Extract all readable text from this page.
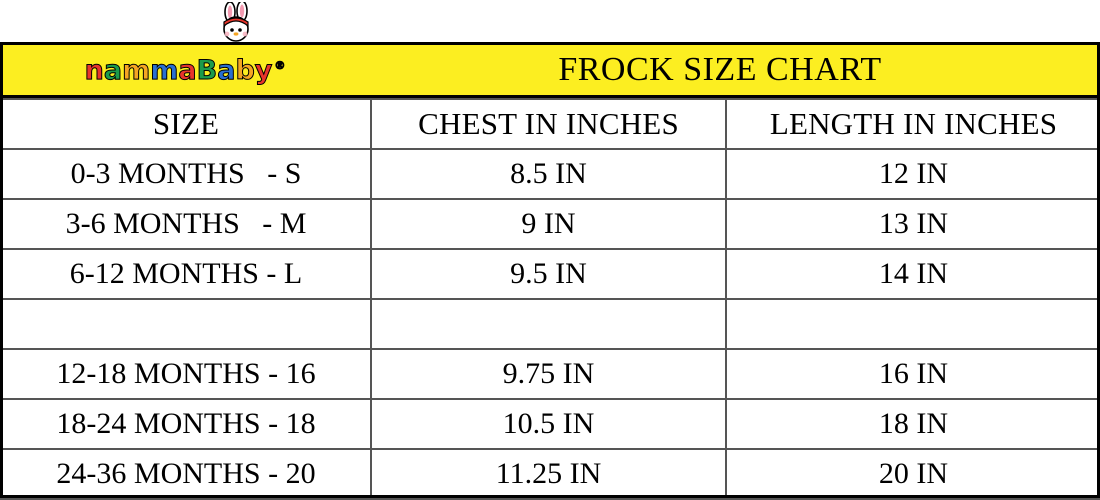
nammaBaby ®	FROCK SIZE CHART
SIZE	CHEST IN INCHES	LENGTH IN INCHES
0-3 MONTHS   - S	8.5 IN	12 IN
3-6 MONTHS   - M	9 IN	13 IN
6-12 MONTHS - L	9.5 IN	14 IN

12-18 MONTHS - 16	9.75 IN	16 IN
18-24 MONTHS - 18	10.5 IN	18 IN
24-36 MONTHS - 20	11.25 IN	20 IN
